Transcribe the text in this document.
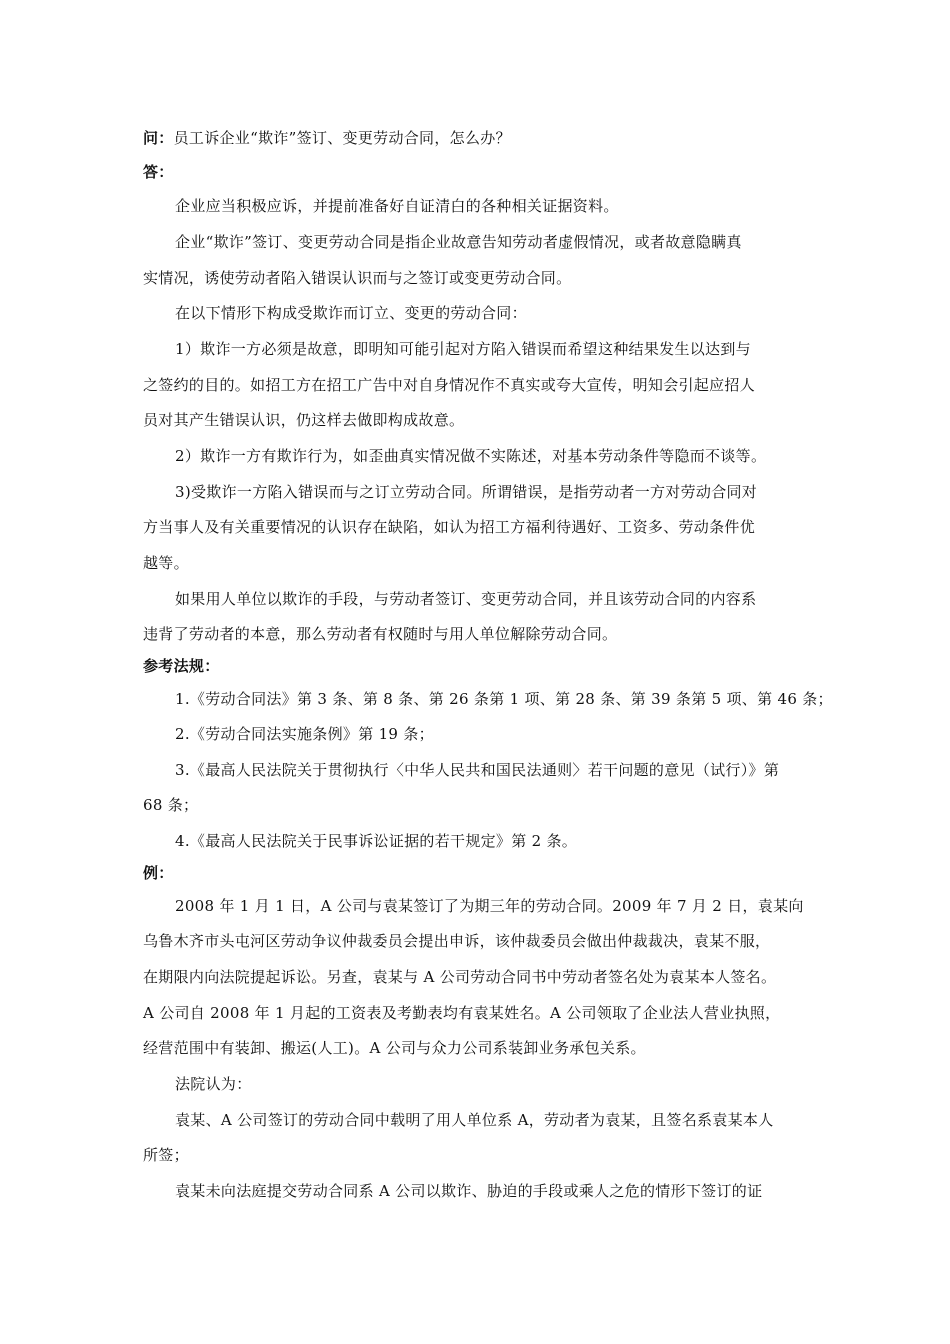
问：员工诉企业“欺诈”签订、变更劳动合同，怎么办？
答：
企业应当积极应诉，并提前准备好自证清白的各种相关证据资料。
企业“欺诈”签订、变更劳动合同是指企业故意告知劳动者虚假情况，或者故意隐瞒真
实情况，诱使劳动者陷入错误认识而与之签订或变更劳动合同。
在以下情形下构成受欺诈而订立、变更的劳动合同：
1）欺诈一方必须是故意，即明知可能引起对方陷入错误而希望这种结果发生以达到与
之签约的目的。如招工方在招工广告中对自身情况作不真实或夸大宣传，明知会引起应招人
员对其产生错误认识，仍这样去做即构成故意。
2）欺诈一方有欺诈行为，如歪曲真实情况做不实陈述，对基本劳动条件等隐而不谈等。
3)受欺诈一方陷入错误而与之订立劳动合同。所谓错误，是指劳动者一方对劳动合同对
方当事人及有关重要情况的认识存在缺陷，如认为招工方福利待遇好、工资多、劳动条件优
越等。
如果用人单位以欺诈的手段，与劳动者签订、变更劳动合同，并且该劳动合同的内容系
违背了劳动者的本意，那么劳动者有权随时与用人单位解除劳动合同。
参考法规：
1.《劳动合同法》第 3 条、第 8 条、第 26 条第 1 项、第 28 条、第 39 条第 5 项、第 46 条；
2.《劳动合同法实施条例》第 19 条；
3.《最高人民法院关于贯彻执行〈中华人民共和国民法通则〉若干问题的意见（试行）》第
68 条；
4.《最高人民法院关于民事诉讼证据的若干规定》第 2 条。
例：
2008 年 1 月 1 日，A 公司与袁某签订了为期三年的劳动合同。2009 年 7 月 2 日，袁某向
乌鲁木齐市头屯河区劳动争议仲裁委员会提出申诉，该仲裁委员会做出仲裁裁决，袁某不服，
在期限内向法院提起诉讼。另查，袁某与 A 公司劳动合同书中劳动者签名处为袁某本人签名。
A 公司自 2008 年 1 月起的工资表及考勤表均有袁某姓名。A 公司领取了企业法人营业执照，
经营范围中有装卸、搬运(人工)。A 公司与众力公司系装卸业务承包关系。
法院认为：
袁某、A 公司签订的劳动合同中载明了用人单位系 A，劳动者为袁某，且签名系袁某本人
所签；
袁某未向法庭提交劳动合同系 A 公司以欺诈、胁迫的手段或乘人之危的情形下签订的证
